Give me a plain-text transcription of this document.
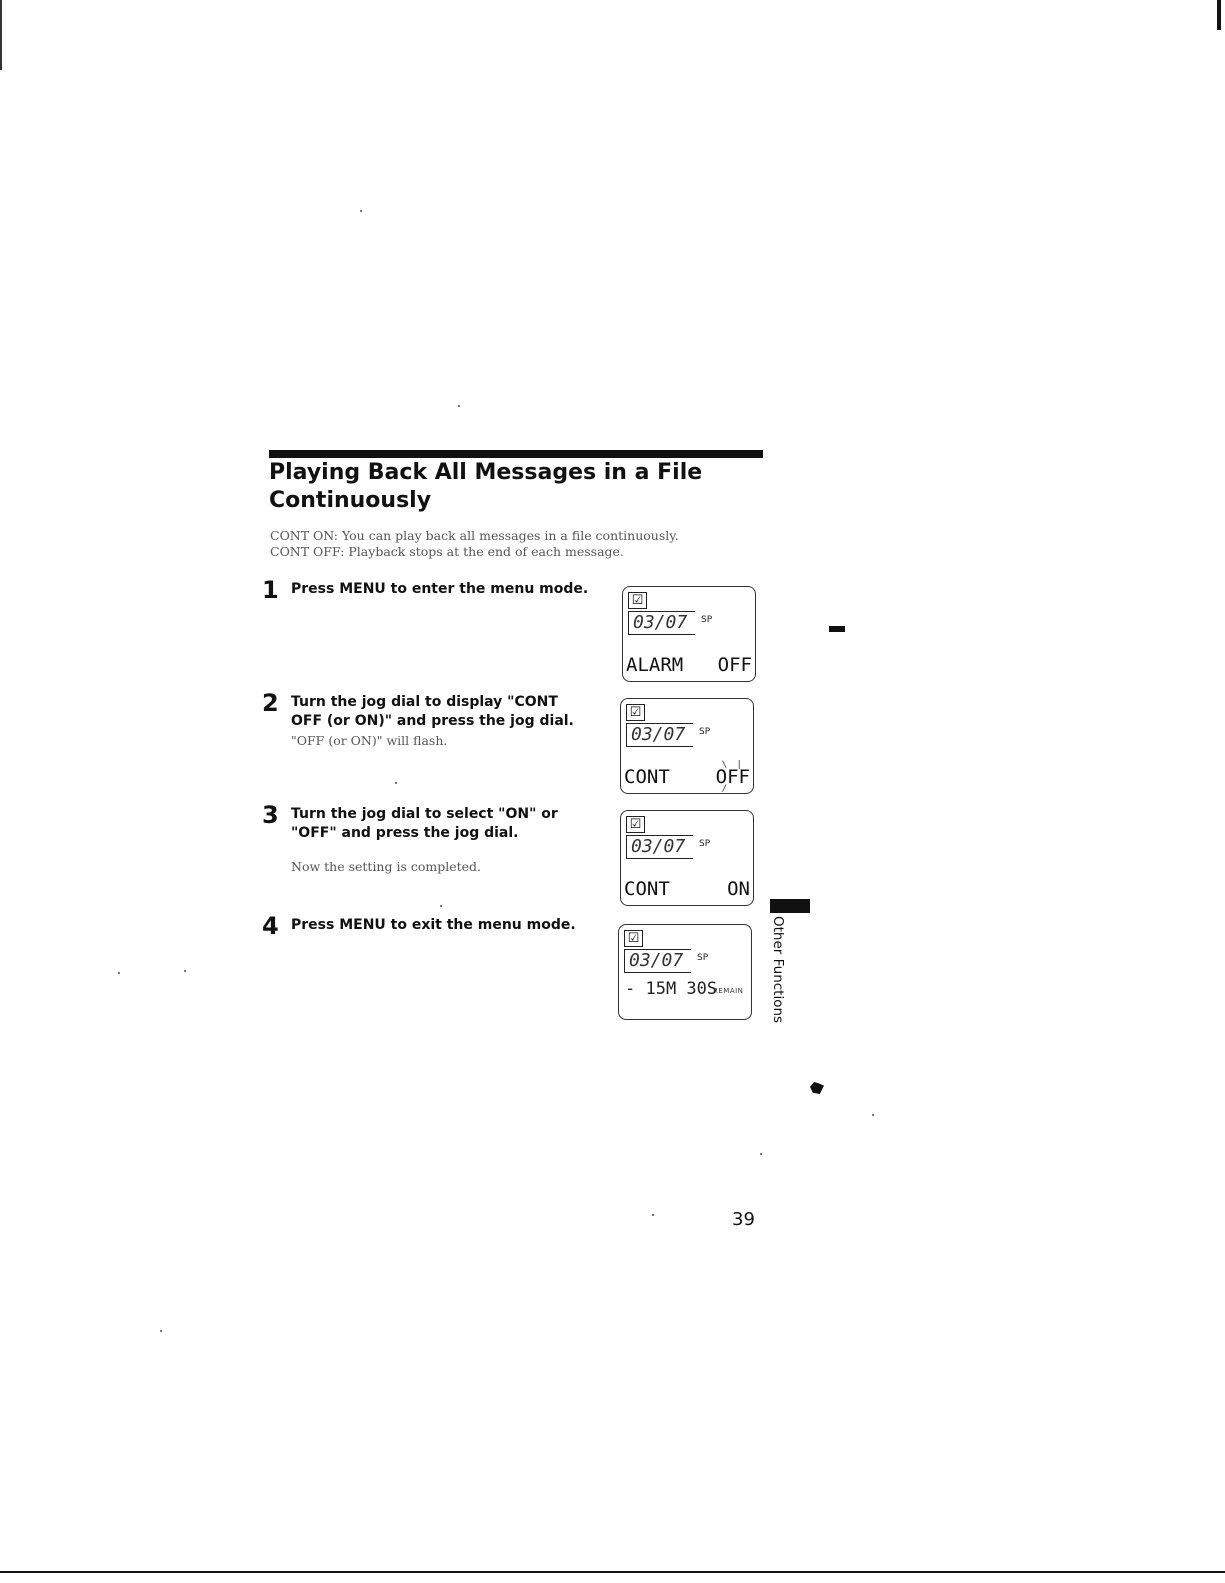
Playing Back All Messages in a File
Continuously
CONT ON: You can play back all messages in a file continuously.
CONT OFF: Playback stops at the end of each message.
1 Press MENU to enter the menu mode.
2 Turn the jog dial to display "CONT OFF (or ON)" and press the jog dial.
"OFF (or ON)" will flash.
3 Turn the jog dial to select "ON" or "OFF" and press the jog dial.
Now the setting is completed.
4 Press MENU to exit the menu mode.
☑
03/07	SP
ALARM OFF
☑
03/07	SP
CONT
\ | / OFF
☑
03/07	SP
CONT	ON
☑
03/07	SP
- 15M 30S
REMAIN Other Functions
39
